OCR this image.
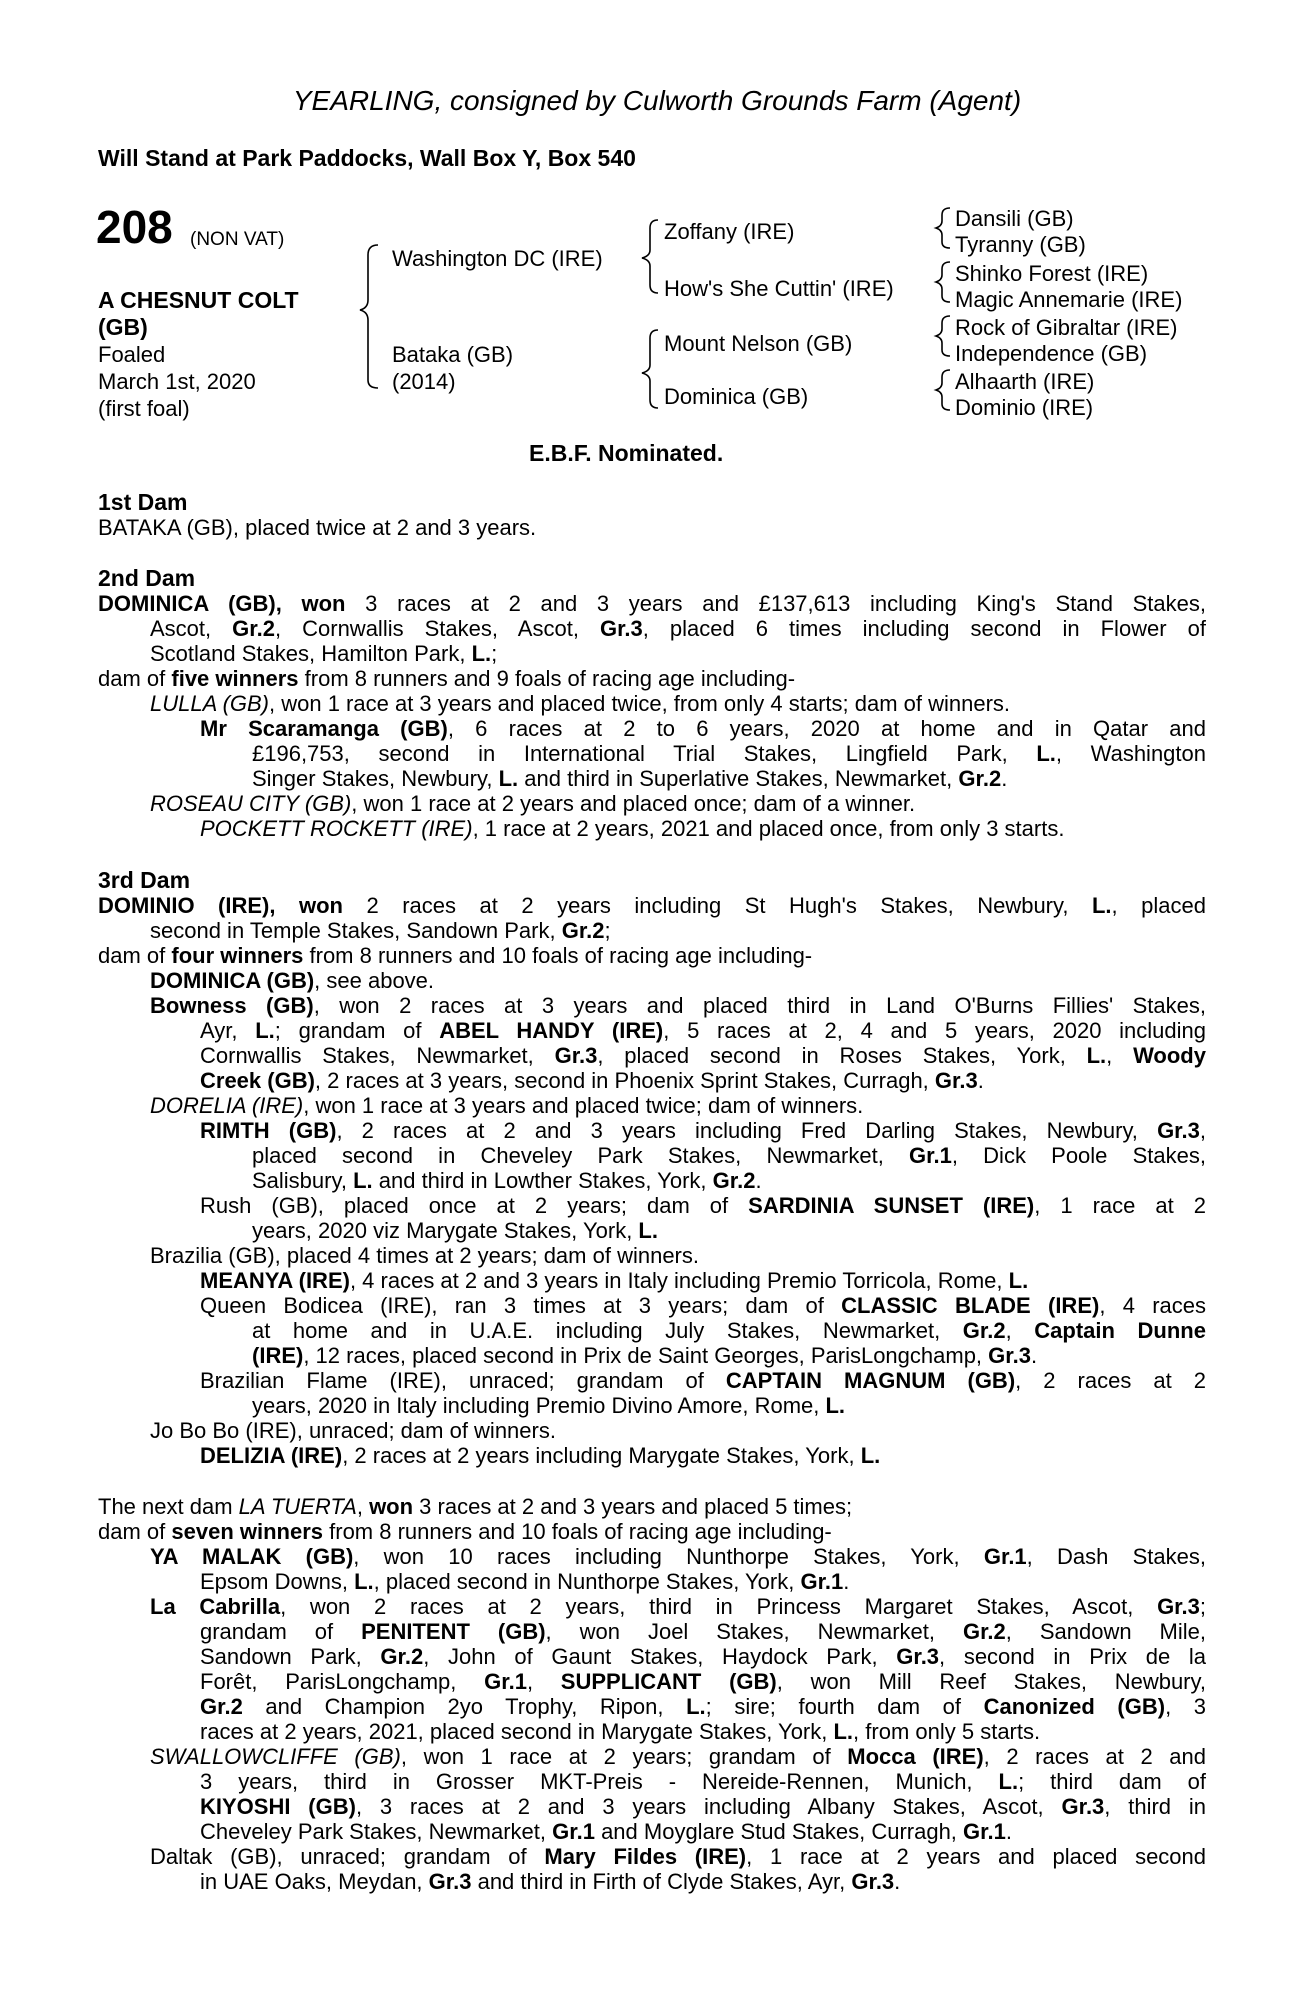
YEARLING, consigned by Culworth Grounds Farm (Agent)
Will Stand at Park Paddocks, Wall Box Y, Box 540
208 (NON VAT)
A CHESNUT COLT
(GB)
Foaled
March 1st, 2020
(first foal)
Washington DC (IRE)
Bataka (GB)
(2014)
Zoffany (IRE)
How's She Cuttin' (IRE)
Mount Nelson (GB)
Dominica (GB)
Dansili (GB)
Tyranny (GB)
Shinko Forest (IRE)
Magic Annemarie (IRE)
Rock of Gibraltar (IRE)
Independence (GB)
Alhaarth (IRE)
Dominio (IRE)
E.B.F. Nominated.
1st Dam
BATAKA (GB), placed twice at 2 and 3 years.
2nd Dam
DOMINICA (GB), won 3 races at 2 and 3 years and £137,613 including King's Stand Stakes,
Ascot, Gr.2, Cornwallis Stakes, Ascot, Gr.3, placed 6 times including second in Flower of
Scotland Stakes, Hamilton Park, L.;
dam of five winners from 8 runners and 9 foals of racing age including-
LULLA (GB), won 1 race at 3 years and placed twice, from only 4 starts; dam of winners.
Mr Scaramanga (GB), 6 races at 2 to 6 years, 2020 at home and in Qatar and
£196,753, second in International Trial Stakes, Lingfield Park, L., Washington
Singer Stakes, Newbury, L. and third in Superlative Stakes, Newmarket, Gr.2.
ROSEAU CITY (GB), won 1 race at 2 years and placed once; dam of a winner.
POCKETT ROCKETT (IRE), 1 race at 2 years, 2021 and placed once, from only 3 starts.
3rd Dam
DOMINIO (IRE), won 2 races at 2 years including St Hugh's Stakes, Newbury, L., placed
second in Temple Stakes, Sandown Park, Gr.2;
dam of four winners from 8 runners and 10 foals of racing age including-
DOMINICA (GB), see above.
Bowness (GB), won 2 races at 3 years and placed third in Land O'Burns Fillies' Stakes,
Ayr, L.; grandam of ABEL HANDY (IRE), 5 races at 2, 4 and 5 years, 2020 including
Cornwallis Stakes, Newmarket, Gr.3, placed second in Roses Stakes, York, L., Woody
Creek (GB), 2 races at 3 years, second in Phoenix Sprint Stakes, Curragh, Gr.3.
DORELIA (IRE), won 1 race at 3 years and placed twice; dam of winners.
RIMTH (GB), 2 races at 2 and 3 years including Fred Darling Stakes, Newbury, Gr.3,
placed second in Cheveley Park Stakes, Newmarket, Gr.1, Dick Poole Stakes,
Salisbury, L. and third in Lowther Stakes, York, Gr.2.
Rush (GB), placed once at 2 years; dam of SARDINIA SUNSET (IRE), 1 race at 2
years, 2020 viz Marygate Stakes, York, L.
Brazilia (GB), placed 4 times at 2 years; dam of winners.
MEANYA (IRE), 4 races at 2 and 3 years in Italy including Premio Torricola, Rome, L.
Queen Bodicea (IRE), ran 3 times at 3 years; dam of CLASSIC BLADE (IRE), 4 races
at home and in U.A.E. including July Stakes, Newmarket, Gr.2, Captain Dunne
(IRE), 12 races, placed second in Prix de Saint Georges, ParisLongchamp, Gr.3.
Brazilian Flame (IRE), unraced; grandam of CAPTAIN MAGNUM (GB), 2 races at 2
years, 2020 in Italy including Premio Divino Amore, Rome, L.
Jo Bo Bo (IRE), unraced; dam of winners.
DELIZIA (IRE), 2 races at 2 years including Marygate Stakes, York, L.
The next dam LA TUERTA, won 3 races at 2 and 3 years and placed 5 times;
dam of seven winners from 8 runners and 10 foals of racing age including-
YA MALAK (GB), won 10 races including Nunthorpe Stakes, York, Gr.1, Dash Stakes,
Epsom Downs, L., placed second in Nunthorpe Stakes, York, Gr.1.
La Cabrilla, won 2 races at 2 years, third in Princess Margaret Stakes, Ascot, Gr.3;
grandam of PENITENT (GB), won Joel Stakes, Newmarket, Gr.2, Sandown Mile,
Sandown Park, Gr.2, John of Gaunt Stakes, Haydock Park, Gr.3, second in Prix de la
Forêt, ParisLongchamp, Gr.1, SUPPLICANT (GB), won Mill Reef Stakes, Newbury,
Gr.2 and Champion 2yo Trophy, Ripon, L.; sire; fourth dam of Canonized (GB), 3
races at 2 years, 2021, placed second in Marygate Stakes, York, L., from only 5 starts.
SWALLOWCLIFFE (GB), won 1 race at 2 years; grandam of Mocca (IRE), 2 races at 2 and
3 years, third in Grosser MKT-Preis - Nereide-Rennen, Munich, L.; third dam of
KIYOSHI (GB), 3 races at 2 and 3 years including Albany Stakes, Ascot, Gr.3, third in
Cheveley Park Stakes, Newmarket, Gr.1 and Moyglare Stud Stakes, Curragh, Gr.1.
Daltak (GB), unraced; grandam of Mary Fildes (IRE), 1 race at 2 years and placed second
in UAE Oaks, Meydan, Gr.3 and third in Firth of Clyde Stakes, Ayr, Gr.3.
